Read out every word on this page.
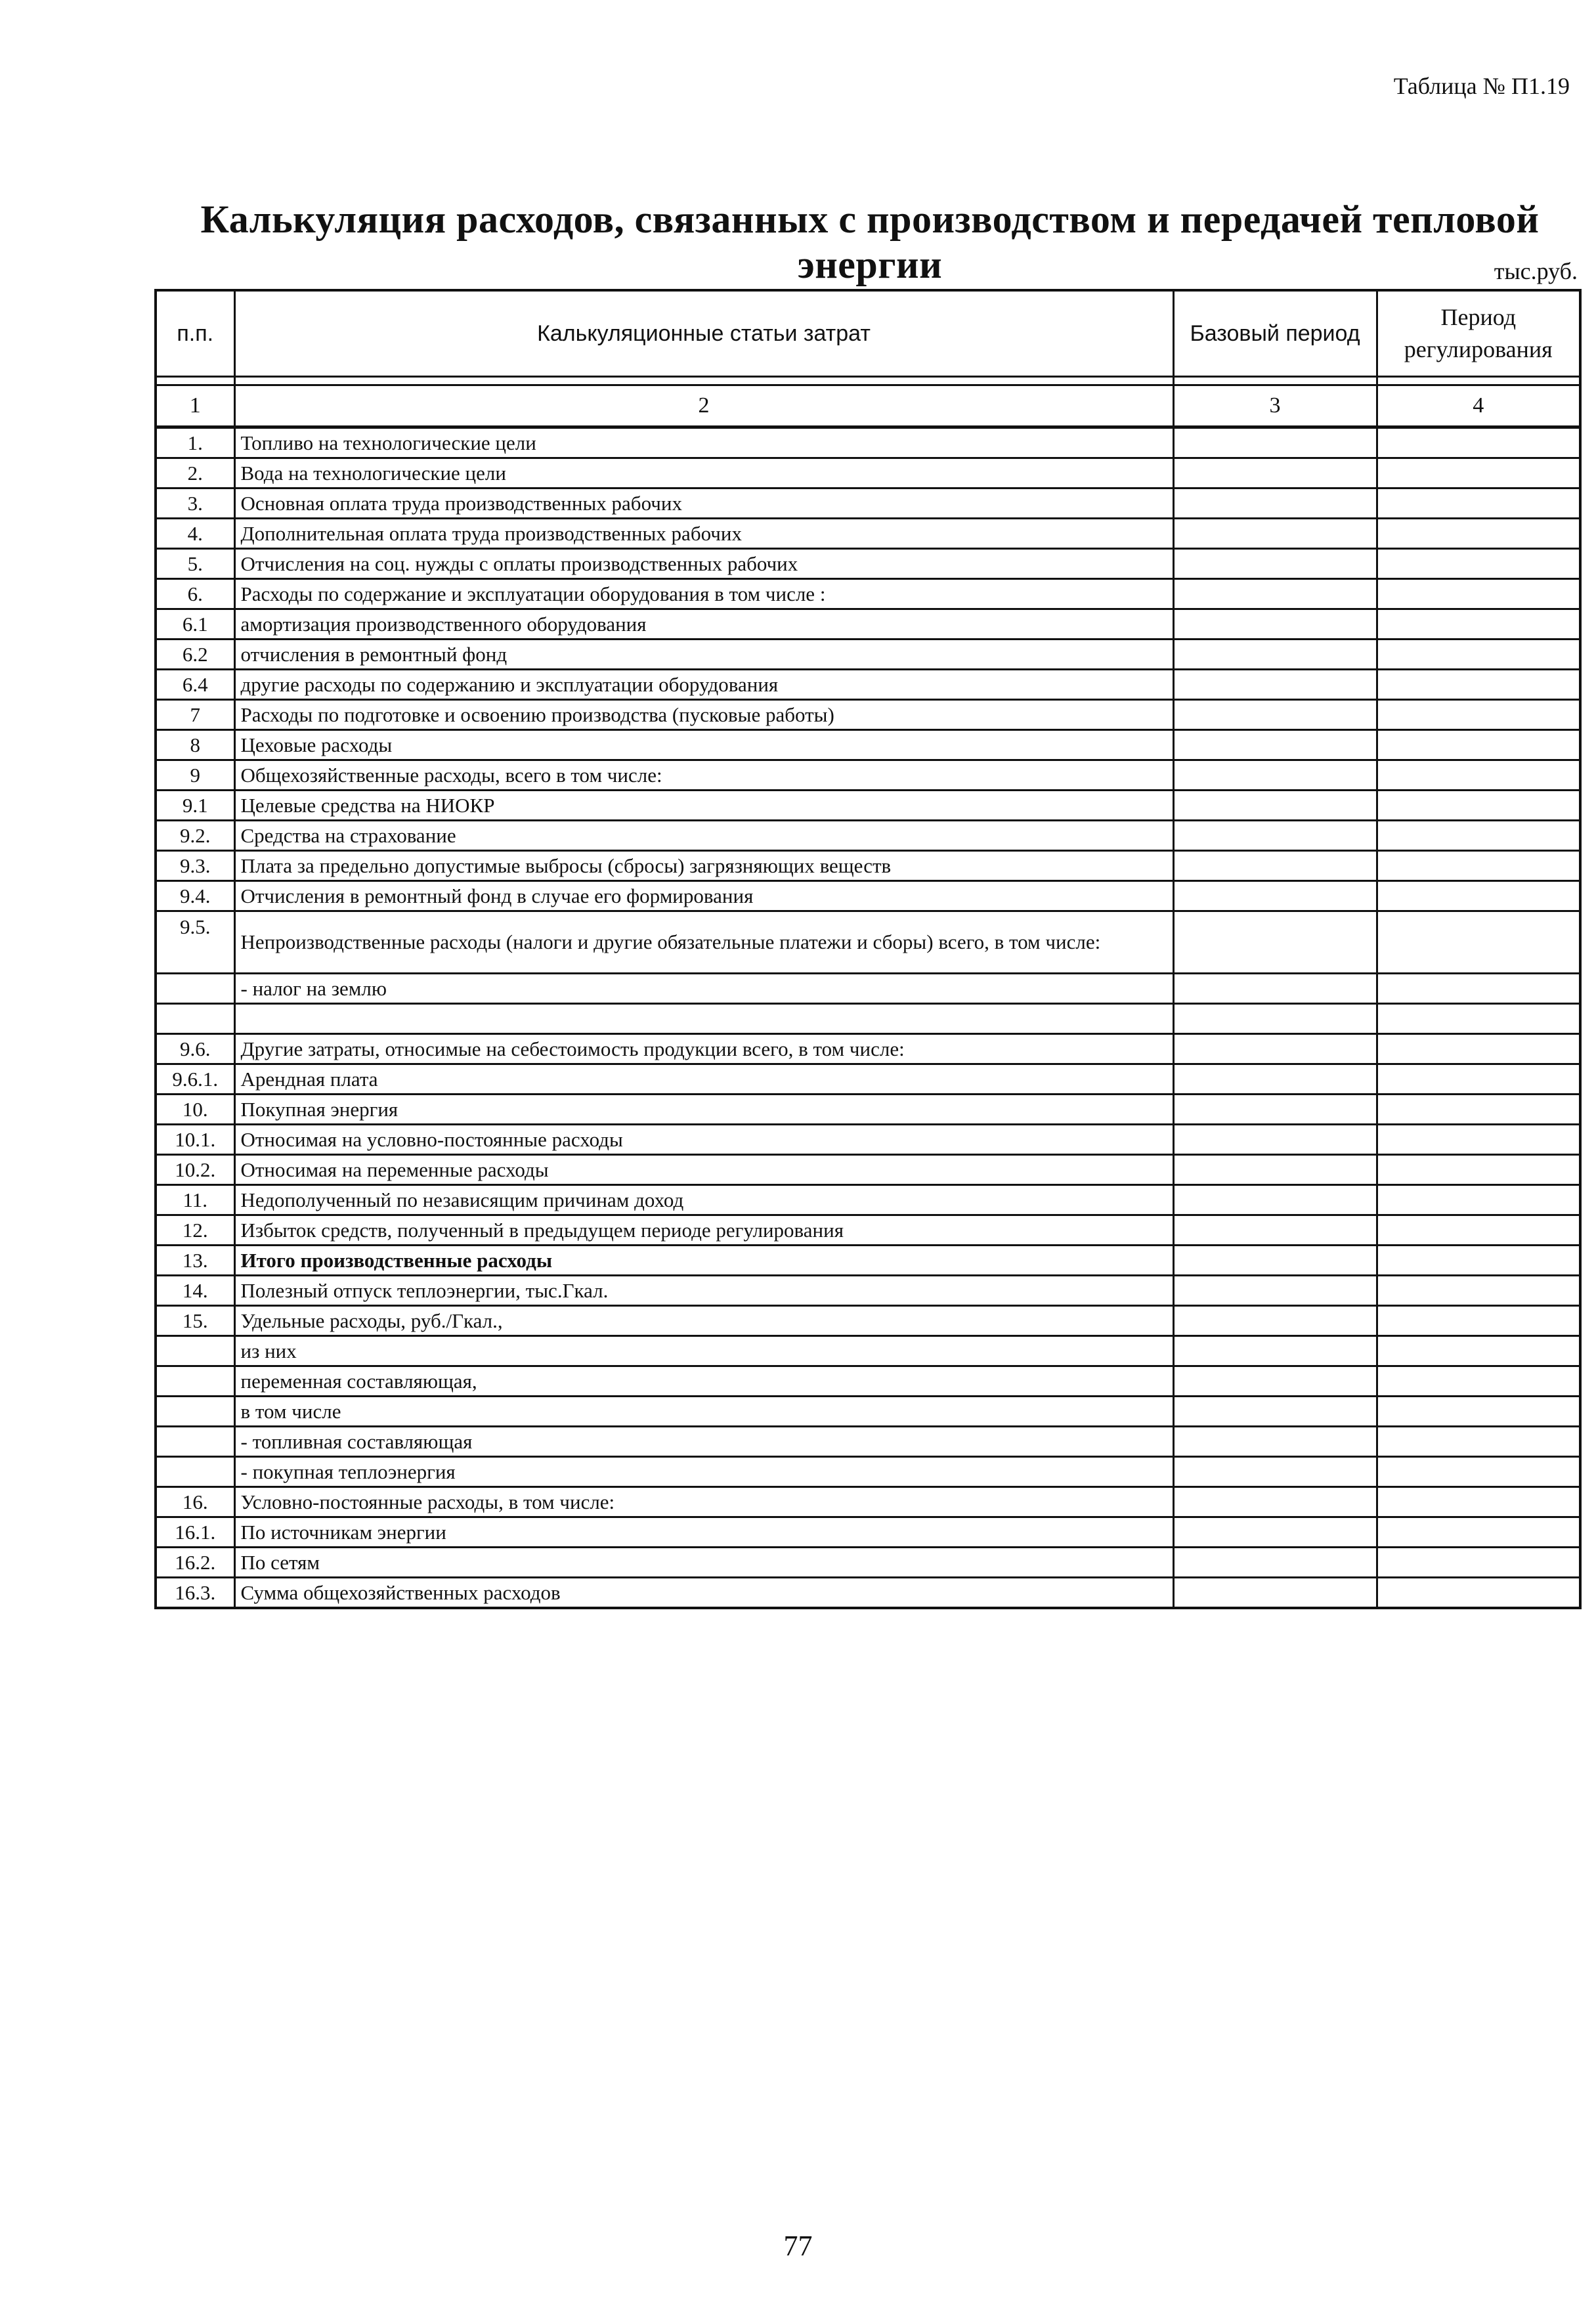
Таблица № П1.19
Калькуляция расходов, связанных с производством и передачей тепловой энергии	тыс.руб.
п.п.	Калькуляционные статьи затрат	Базовый период	Период регулирования

1	2	3	4
1.	Топливо на технологические цели		
2.	Вода на технологические цели		
3.	Основная оплата труда производственных рабочих		
4.	Дополнительная оплата труда производственных рабочих		
5.	Отчисления на соц. нужды с оплаты производственных рабочих		
6.	Расходы по содержание и эксплуатации оборудования в том числе :		
6.1	амортизация производственного оборудования		
6.2	отчисления в ремонтный фонд		
6.4	другие расходы по содержанию и эксплуатации оборудования		
7	Расходы по подготовке и освоению производства (пусковые работы)		
8	Цеховые расходы		
9	Общехозяйственные расходы, всего в том числе:		
9.1	Целевые средства на НИОКР		
9.2.	Средства на страхование		
9.3.	Плата за предельно допустимые выбросы (сбросы) загрязняющих веществ		
9.4.	Отчисления в ремонтный фонд в случае его формирования		
9.5.	Непроизводственные расходы (налоги и другие обязательные платежи и сборы) всего, в том числе:		
	- налог на землю		

9.6.	Другие затраты, относимые на себестоимость продукции всего, в том числе:		
9.6.1.	Арендная плата		
10.	Покупная энергия		
10.1.	Относимая на условно-постоянные расходы		
10.2.	Относимая на переменные расходы		
11.	Недополученный по независящим причинам доход		
12.	Избыток средств, полученный в предыдущем периоде регулирования		
13.	Итого производственные расходы		
14.	Полезный отпуск теплоэнергии, тыс.Гкал.		
15.	Удельные расходы, руб./Гкал.,		
	из них		
	переменная составляющая,		
	в том числе		
	- топливная составляющая		
	- покупная теплоэнергия		
16.	Условно-постоянные расходы, в том числе:		
16.1.	По источникам энергии		
16.2.	По сетям		
16.3.	Сумма общехозяйственных расходов		
77
